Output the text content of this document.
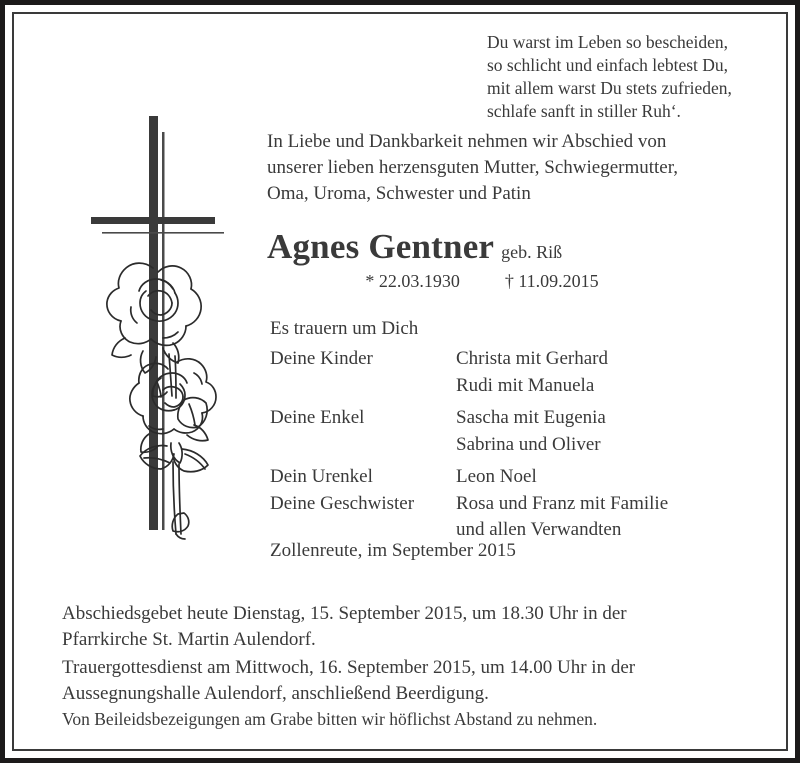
Du warst im Leben so bescheiden,
so schlicht und einfach lebtest Du,
mit allem warst Du stets zufrieden,
schlafe sanft in stiller Ruh‘.
In Liebe und Dankbarkeit nehmen wir Abschied von
unserer lieben herzensguten Mutter, Schwiegermutter,
Oma, Uroma, Schwester und Patin
Agnes Gentner geb. Riß
* 22.03.1930	† 11.09.2015
Es trauern um Dich
Deine Kinder	Christa mit Gerhard
Rudi mit Manuela
Deine Enkel	Sascha mit Eugenia
Sabrina und Oliver
Dein Urenkel	Leon Noel
Deine Geschwister	Rosa und Franz mit Familie
und allen Verwandten
Zollenreute, im September 2015

Abschiedsgebet heute Dienstag, 15. September 2015, um 18.30 Uhr in der
Pfarrkirche St. Martin Aulendorf.

Trauergottesdienst am Mittwoch, 16. September 2015, um 14.00 Uhr in der
Aussegnungshalle Aulendorf, anschließend Beerdigung.

Von Beileidsbezeigungen am Grabe bitten wir höflichst Abstand zu nehmen.
